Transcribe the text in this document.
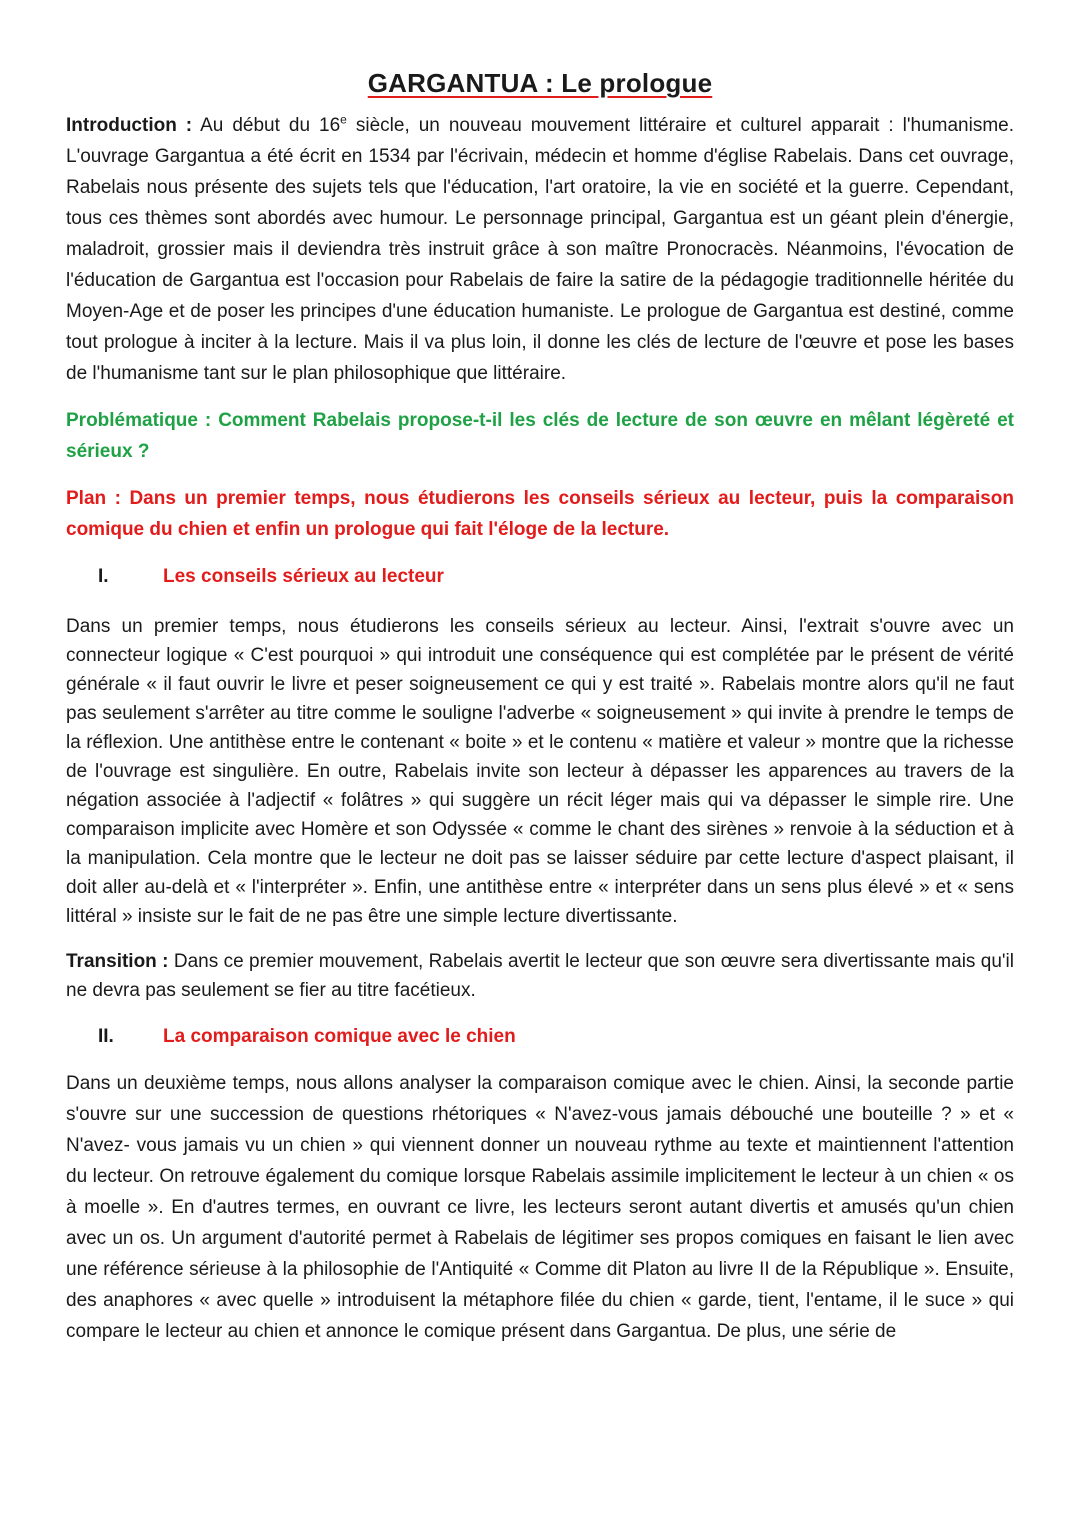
GARGANTUA : Le prologue

Introduction : Au début du 16e siècle, un nouveau mouvement littéraire et culturel apparait : l'humanisme. L'ouvrage Gargantua a été écrit en 1534 par l'écrivain, médecin et homme d'église Rabelais. Dans cet ouvrage, Rabelais nous présente des sujets tels que l'éducation, l'art oratoire, la vie en société et la guerre. Cependant, tous ces thèmes sont abordés avec humour. Le personnage principal, Gargantua est un géant plein d'énergie, maladroit, grossier mais il deviendra très instruit grâce à son maître Pronocracès. Néanmoins, l'évocation de l'éducation de Gargantua est l'occasion pour Rabelais de faire la satire de la pédagogie traditionnelle héritée du Moyen-Age et de poser les principes d'une éducation humaniste. Le prologue de Gargantua est destiné, comme tout prologue à inciter à la lecture. Mais il va plus loin, il donne les clés de lecture de l'œuvre et pose les bases de l'humanisme tant sur le plan philosophique que littéraire.

Problématique : Comment Rabelais propose-t-il les clés de lecture de son œuvre en mêlant légèreté et sérieux ?

Plan : Dans un premier temps, nous étudierons les conseils sérieux au lecteur, puis la comparaison comique du chien et enfin un prologue qui fait l'éloge de la lecture.

I.	Les conseils sérieux au lecteur

Dans un premier temps, nous étudierons les conseils sérieux au lecteur. Ainsi, l'extrait s'ouvre avec un connecteur logique « C'est pourquoi » qui introduit une conséquence qui est complétée par le présent de vérité générale « il faut ouvrir le livre et peser soigneusement ce qui y est traité ». Rabelais montre alors qu'il ne faut pas seulement s'arrêter au titre comme le souligne l'adverbe « soigneusement » qui invite à prendre le temps de la réflexion. Une antithèse entre le contenant « boite » et le contenu « matière et valeur » montre que la richesse de l'ouvrage est singulière. En outre, Rabelais invite son lecteur à dépasser les apparences au travers de la négation associée à l'adjectif « folâtres » qui suggère un récit léger mais qui va dépasser le simple rire. Une comparaison implicite avec Homère et son Odyssée « comme le chant des sirènes » renvoie à la séduction et à la manipulation. Cela montre que le lecteur ne doit pas se laisser séduire par cette lecture d'aspect plaisant, il doit aller au-delà et « l'interpréter ». Enfin, une antithèse entre « interpréter dans un sens plus élevé » et « sens littéral » insiste sur le fait de ne pas être une simple lecture divertissante.

Transition : Dans ce premier mouvement, Rabelais avertit le lecteur que son œuvre sera divertissante mais qu'il ne devra pas seulement se fier au titre facétieux.

II.	La comparaison comique avec le chien

Dans un deuxième temps, nous allons analyser la comparaison comique avec le chien. Ainsi, la seconde partie s'ouvre sur une succession de questions rhétoriques « N'avez-vous jamais débouché une bouteille ? » et « N'avez- vous jamais vu un chien » qui viennent donner un nouveau rythme au texte et maintiennent l'attention du lecteur. On retrouve également du comique lorsque Rabelais assimile implicitement le lecteur à un chien « os à moelle ». En d'autres termes, en ouvrant ce livre, les lecteurs seront autant divertis et amusés qu'un chien avec un os. Un argument d'autorité permet à Rabelais de légitimer ses propos comiques en faisant le lien avec une référence sérieuse à la philosophie de l'Antiquité « Comme dit Platon au livre II de la République ». Ensuite, des anaphores « avec quelle » introduisent la métaphore filée du chien « garde, tient, l'entame, il le suce » qui compare le lecteur au chien et annonce le comique présent dans Gargantua. De plus, une série de
